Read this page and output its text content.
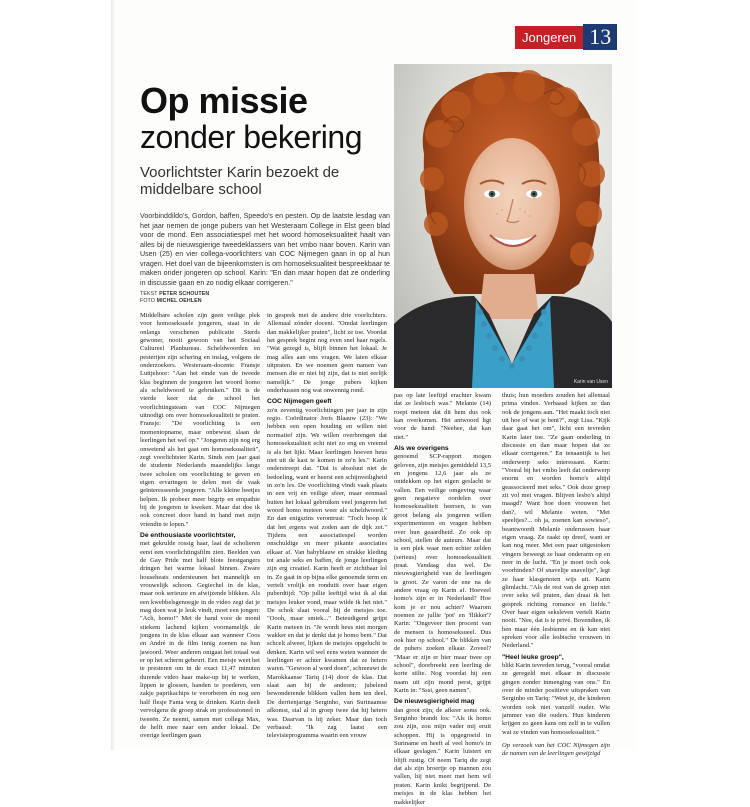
Jongeren 13
Op missie
zonder bekering
Voorlichtster Karin bezoekt de middelbare school
Voorbinddildo's, Gordon, baffen, Speedo's en pesten. Op de laatste lesdag van het jaar nemen de jonge pubers van het Westeraam College in Elst geen blad voor de mond. Een associatiespel met het woord homoseksualiteit haalt van alles bij de nieuwsgierige tweedeklassers van het vmbo naar boven. Karin van Usen (25) en vier collega-voorlichters van COC Nijmegen gaan in op al hun vragen. Het doel van de bijeenkomsten is om homoseksualiteit bespreekbaar te maken onder jongeren op school. Karin: "En dan maar hopen dat ze onderling in discussie gaan en zo nodig elkaar corrigeren."
TEKST PETER SCHOUTEN
FOTO MICHEL OEHLEN
Karin van Usen

Middelbare scholen zijn geen veilige plek voor homoseksuele jongeren, staat in de onlangs verschenen publicatie Sterds gewoner, nooit gewoon van het Sociaal Cultureel Planbureau. Scheldwoorden en pesterijen zijn schering en inslag, volgens de onderzoekers. Westeraam-docente Fransje Luttjehoor: "Aan het einde van de tweede klas beginnen de jongeren het woord homo als scheldwoord te gebruiken." Dit is de vierde keer dat de school het voorlichtingsteam van COC Nijmegen uitnodigt om over homoseksualiteit te praten. Fransje: "De voorlichting is een momentopname, maar onbewust slaan de leerlingen het wel op." "Jongeren zijn nog erg onwetend als het gaat om homoseksualiteit", zegt voorlichtster Karin. Sinds een jaar gaat de studente Nederlands maandelijks langs twee scholen om voorlichting te geven en eigen ervaringen te delen met de vaak geïnteresseerde jongeren. "Alle kleine beetjes helpen. Ik probeer meer begrip en empathie bij de jongeren te kweken. Maar dat doe ik ook concreet door hand in hand met mijn vriendin te lopen."

De enthousiaste voorlichtster,

met gekrulde rossig haar, laat de scholieren eerst een voorlichtingsfilm zien. Beelden van de Gay Pride met half blote feestgangers dringen het warme lokaal binnen. Zware househeats ondersteunen het mannelijk en vrouwelijk schoon. Gegiechel in de klas, maar ook serieuze en afwijzende blikken. Als een kwebbelsgenoegje in de video zegt dat je mag doen wat je leuk vindt, moet een jongen: "Ach, homo!" Met de hand voor de mond stiekem lachend kijken voornamelijk de jongens in de klas elkaar aan wanneer Coos en André in de film innig zoenen na hun jawoord. Weer anderen ontgaat het totaal wat er op het scherm gebeurt. Een meisje weet het te presteren om in de exact 11,47 minuten durende video haar make-up bij te werken, lippen te glossen, handen te poederen, een zakje paprikachips te verorberen én nog een half flesje Fanta weg te drinken. Karin deelt vervolgens de groep strak en professioneel in tweeën. Ze neemt, samen met collega Max, de helft mee naar een ander lokaal. De overige leerlingen gaan

in gesprek met de andere drie voorlichters. Allemaal zónder docent. "Omdat leerlingen dan makkelijker praten", licht ze toe. Voordat het gesprek begint nog even snel haar regels. "Wat gezegd is, blijft binnen het lokaal. Je mag alles aan ons vragen. We laten elkaar uitpraten. En we noemen geen namen van mensen die er niet bij zijn, dat is niet eerlijk namelijk." De jonge pubers kijken onderhussen nog wat onwennig rond.

COC Nijmegen geeft

zo'n zeventig voorlichtingen per jaar in zijn regio. Coördinator Joris Blaauw (23): "We hebben een open houding en willen niet normatief zijn. We willen overbrengen dat homoseksualiteit echt niet zo eng en vreemd is als het lijkt. Maar leerlingen hoeven heus niet uit de kast te komen in zo'n les." Karin onderstreept dat. "Dat is absoluut niet de bedoeling, want er heerst een schijnveiligheid in zo'n les. De voorlichting vindt vaak plaats in een vrij en veilige sfeer, maar eenmaal buiten het lokaal gebruiken veel jongeren het woord homo meteen weer als scheldwoord." En dan enigszins verontrust: "Toch hoop ik dat het ergens wat zoden aan de dijk zet." Tijdens een associatiespel worden onschuldige en meer pikante associaties elkaar af. Van babyblauw en strakke kleding tot anale seks en baffen, de jonge leerlingen zijn erg creatief. Karin heeft er zichtbaar lol in. Ze gaat in op bijna elke genoemde term en vertelt vrolijk en rondutit over haar eigen puberdtijd: "Op jullie leeftijd wist ik al dat meisjes leuker vond, maar wilde ik het niet." De schok slaat vooral bij de meisjes toe. "Oooh, maar smiek..." Beteudigend grijpt Karin meteen in. "Je wordt heus niet morgen wakker en dat je denkt dat je homo bent." Dat schcelt alweer, lijken de meisjes opgelucht te denken. Karin wil wel eens weten wanneer de leerlingen er achter kwamen dat ze hetero waren. "Gewoon al word doen", schreeuwt de Marokkaanse Tariq (14) door de klas. Dat slaat aan bij de anderen; jubelend bewonderende blikken vallen hem ten deel. De derrienjarige Serginho, van Surinaamse afkomst, stal al in groep twee dat hij hetero was. Daarvan is hij zeker. Maar dan toch verbaasd: "Ik zag laatst een televisieprogramma waarin een vrouw

pas op late leeftijd erachter kwam dat ze lesbisch was." Melanie (14) roept meteen dat dit hem dus ook kan overkomen. Het antwoord ligt voor de hand: "Neehee, dat kan niet."

Als we overigens

genoemd SCP-rapport mogen geloven, zijn meisjes gemiddeld 13,5 en jongens 12,6 jaar als ze ontdekken op het eigen geslacht te vallen. Een veilige omgeving waar geen negatieve oordelen over homoseksualiteit heersen, is van groot belang als jongeren willen experimenteren en vragen hebben over hun geaardheid. Zo ook op school, stellen de auteurs. Maar dat is een plek waar men echter zelden (serieus) over homoseksualiteit praat. Vandaag dus wel. De nieuwsgierigheid van de leerlingen is groot. Ze varen de ene na de andere vraag op Karin af. Hoeveel homo's zijn er in Nederland? Hoe kom je er nou achter? Waarom noemen ze jullie 'pot' en 'flikker'? Karin: "Ongeveer tien procent van de mensen is homoseksueel. Dus ook hier op school." De blikken van de pubers zoeken elkaar. Zoveel? "Maar er zijn er hier maar twee op school", doorbreekt een leerling de korte stilte. Nog voordat hij een naam uit zijn mond perst, grijpt Karin in: "Sssi, geen namen".

De nieuwsgierigheid mag

dan groot zijn, de afkeer soms ook. Serginho brandt los: "Als ik homo zou zijn, zou mijn vader mij eruit schoppen. Hij is opgegroeid in Suriname en heeft al veel homo's in elkaar geslagen." Karin luistert en blijft rustig. Of neem Tariq die zegt dat als zijn broertje op mannen zou vallen, hij niet meer met hem wil praten. Karin knikt begrijpend. De meisjes in de klas hebben het makkelijker

thuis; hun moeders zouden het allemaal prima vinden. Verbaasd kijken ze dan ook de jongens aan. "Het maakt toch niet uit hoe of wat je bent?", zegt Lisa. "Kijk daar gaat het om", licht een tevreden Karin later toe. "Ze gaan onderling in discussie en dan maar hopen dat ze elkaar corrigeren." En tenaantijk is het onderwerp seks interessant. Karin: "Vooral bij het vmbo leeft dat onderwerp enorm en worden homo's altijd geassocieerd met seks." Ook deze groep zit vol met vragen. Blijven lesbo's altijd maagd? Want hoe doen vrouwen het dan?, wil Melanie weten. "Met speeltjes?... oh ja, zoenen kan sowieso", beantwoordt Melanie onderussen haar eigen vraag. Ze raakt op dreef, want er kan nog meer. Met een paar uitgestoken vingers beweegt ze haar onderarm op en neer in de lucht. "En je moet toch ook voorbinden? Of snavelije snavelije", legt ze haar klasgenoten wijs uit. Karin glimlacht. "Als de rest van de groep niet over seks wil praten, dan draai ik het gesprek richting romance en liefde." Over haar eigen seksleven vertelt Karin nooit. "Nee, dat is te privé. Bovendien, ik ben maar één lesbienne en ik kan niet spreken voor alle lesbische vrouwen in Nederland."

"Heel leuke groep",

blikt Karin tevreden terug, "vooral omdat ze geregeld met elkaar in discussie gingen zonder inmenging van ons." En over de minder positieve uitspraken van Serginho en Tariq: "Weet je, die kinderen worden ook niet vanzelf ouder. Wie jammer van die ouders. Hun kinderen krijgen zo geen kans om zelf in te vullen wat ze vinden van homoseksualiteit."

Op verzoek van het COC Nijmegen zijn de namen van de leerlingen gewijzigd
